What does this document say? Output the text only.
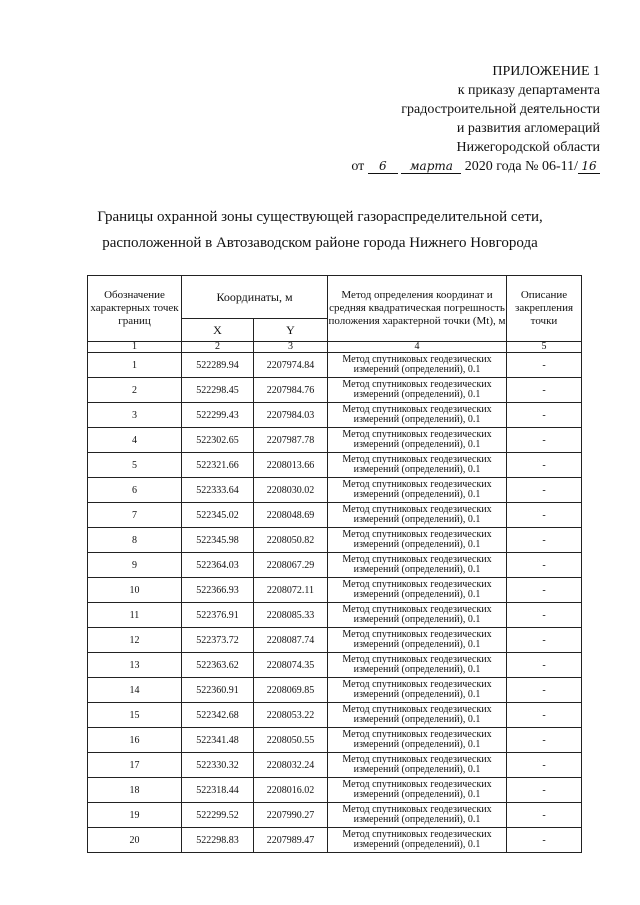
ПРИЛОЖЕНИЕ 1
к приказу департамента
градостроительной деятельности
и развития агломераций
Нижегородской области
от 6 марта 2020 года № 06-11/ 16
Границы охранной зоны существующей газораспределительной сети,
расположенной в Автозаводском районе города Нижнего Новгорода
Обозначение характерных точек границ	Координаты, м		Метод определения координат и средняя квадратическая погрешность положения характерной точки (Mt), м	Описание закрепления точки
	X	Y		
1	2	3	4	5
1	522289.94	2207974.84	Метод спутниковых геодезических
измерений (определений), 0.1	-
2	522298.45	2207984.76	Метод спутниковых геодезических
измерений (определений), 0.1	-
3	522299.43	2207984.03	Метод спутниковых геодезических
измерений (определений), 0.1	-
4	522302.65	2207987.78	Метод спутниковых геодезических
измерений (определений), 0.1	-
5	522321.66	2208013.66	Метод спутниковых геодезических
измерений (определений), 0.1	-
6	522333.64	2208030.02	Метод спутниковых геодезических
измерений (определений), 0.1	-
7	522345.02	2208048.69	Метод спутниковых геодезических
измерений (определений), 0.1	-
8	522345.98	2208050.82	Метод спутниковых геодезических
измерений (определений), 0.1	-
9	522364.03	2208067.29	Метод спутниковых геодезических
измерений (определений), 0.1	-
10	522366.93	2208072.11	Метод спутниковых геодезических
измерений (определений), 0.1	-
11	522376.91	2208085.33	Метод спутниковых геодезических
измерений (определений), 0.1	-
12	522373.72	2208087.74	Метод спутниковых геодезических
измерений (определений), 0.1	-
13	522363.62	2208074.35	Метод спутниковых геодезических
измерений (определений), 0.1	-
14	522360.91	2208069.85	Метод спутниковых геодезических
измерений (определений), 0.1	-
15	522342.68	2208053.22	Метод спутниковых геодезических
измерений (определений), 0.1	-
16	522341.48	2208050.55	Метод спутниковых геодезических
измерений (определений), 0.1	-
17	522330.32	2208032.24	Метод спутниковых геодезических
измерений (определений), 0.1	-
18	522318.44	2208016.02	Метод спутниковых геодезических
измерений (определений), 0.1	-
19	522299.52	2207990.27	Метод спутниковых геодезических
измерений (определений), 0.1	-
20	522298.83	2207989.47	Метод спутниковых геодезических
измерений (определений), 0.1	-
